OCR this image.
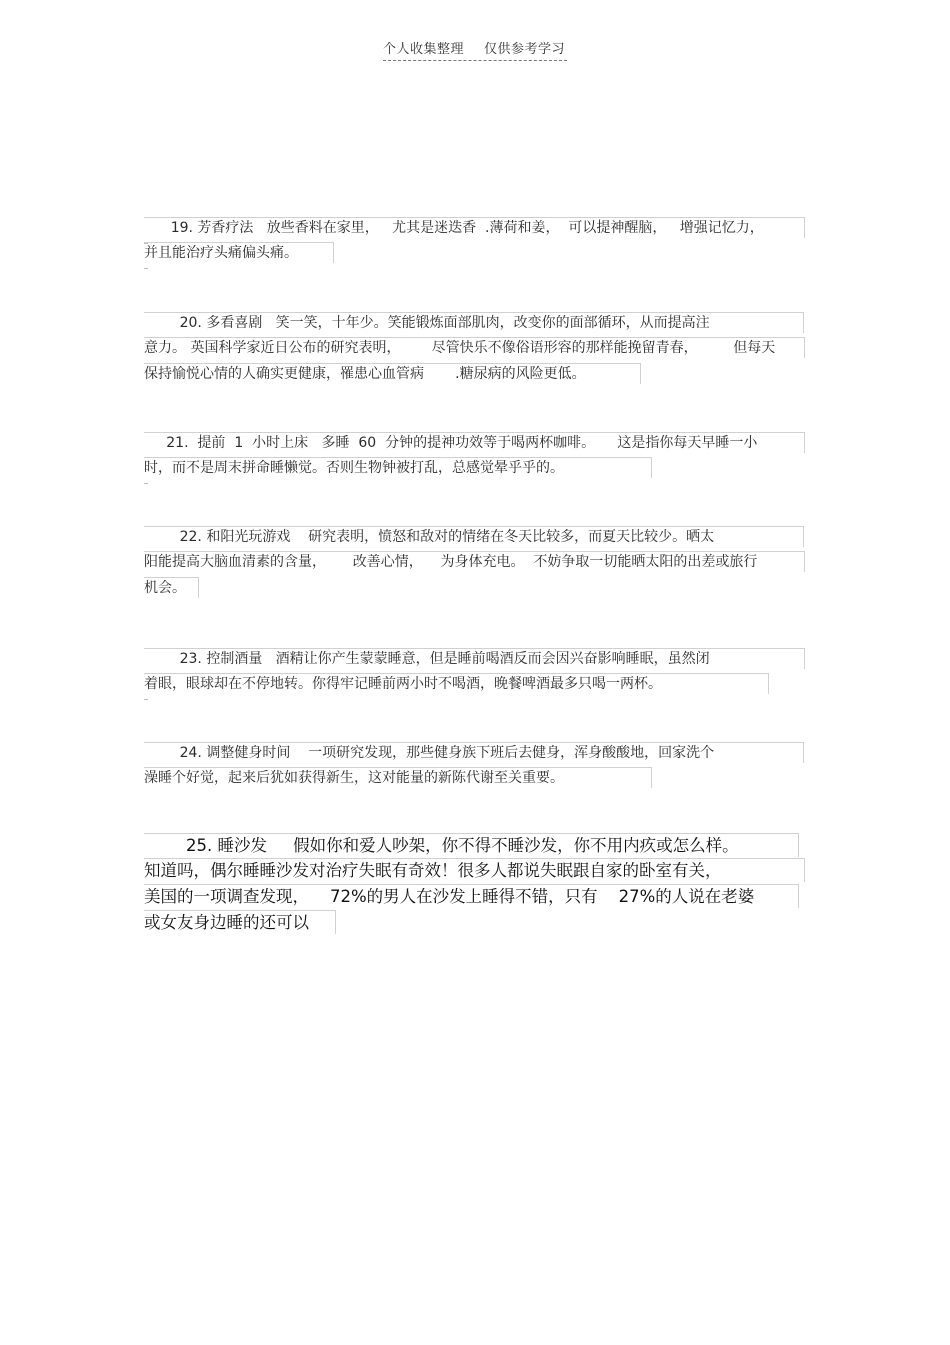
个人收集整理 仅供参考学习
19. 芳香疗法   放些香料在家里，   尤其是迷迭香  .薄荷和姜，  可以提神醒脑，   增强记忆力，
并且能治疗头痛偏头痛。
20. 多看喜剧   笑一笑，十年少。笑能锻炼面部肌肉，改变你的面部循环，从而提高注
意力。 英国科学家近日公布的研究表明，       尽管快乐不像俗语形容的那样能挽留青春，        但每天
保持愉悦心情的人确实更健康，罹患心血管病       .糖尿病的风险更低。
21.  提前  1  小时上床   多睡  60  分钟的提神功效等于喝两杯咖啡。     这是指你每天早睡一小
时，而不是周末拼命睡懒觉。否则生物钟被打乱，总感觉晕乎乎的。
22. 和阳光玩游戏    研究表明，愤怒和敌对的情绪在冬天比较多，而夏天比较少。晒太
阳能提高大脑血清素的含量，      改善心情，    为身体充电。  不妨争取一切能晒太阳的出差或旅行
机会。
23. 控制酒量   酒精让你产生蒙蒙睡意，但是睡前喝酒反而会因兴奋影响睡眠，虽然闭
着眼，眼球却在不停地转。你得牢记睡前两小时不喝酒，晚餐啤酒最多只喝一两杯。
24. 调整健身时间    一项研究发现，那些健身族下班后去健身，浑身酸酸地，回家洗个
澡睡个好觉，起来后犹如获得新生，这对能量的新陈代谢至关重要。
25. 睡沙发     假如你和爱人吵架，你不得不睡沙发，你不用内疚或怎么样。
知道吗，偶尔睡睡沙发对治疗失眠有奇效！很多人都说失眠跟自家的卧室有关，
美国的一项调查发现，    72%的男人在沙发上睡得不错，只有    27%的人说在老婆
或女友身边睡的还可以
